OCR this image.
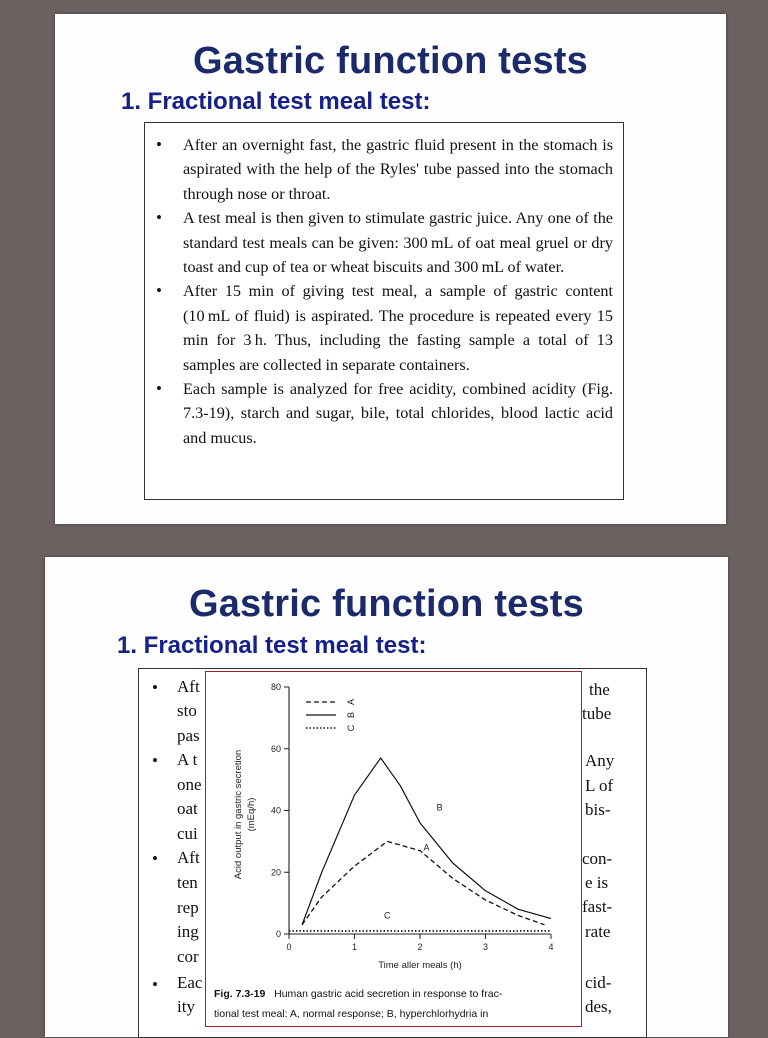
Gastric function tests
1. Fractional test meal test:
• After an overnight fast, the gastric fluid present in the stomach is aspirated with the help of the Ryles' tube passed into the stomach through nose or throat.
• A test meal is then given to stimulate gastric juice. Any one of the standard test meals can be given: 300 mL of oat meal gruel or dry toast and cup of tea or wheat biscuits and 300 mL of water.
• After 15 min of giving test meal, a sample of gastric content (10 mL of fluid) is aspirated. The procedure is repeated every 15 min for 3 h. Thus, including the fasting sample a total of 13 samples are collected in separate containers.
• Each sample is analyzed for free acidity, combined acidity (Fig. 7.3-19), starch and sugar, bile, total chlorides, blood lactic acid and mucus.
Gastric function tests
1. Fractional test meal test:
•
•
•
•
Aft
sto
pas
A t
one
oat
cui
Aft
ten
rep
ing
cor
Eac
ity
the
tube
Any
L of
bis-
con-
e is
fast-
rate
cid-
des,
0
20
40
60
80
0	1	2	3	4
Time aller meals (h)
Acid output in gastric secretion (mEq/h)
A
B
C
A
B
C
Fig. 7.3-19 Human gastric acid secretion in response to frac-
tional test meal: A, normal response; B, hyperchlorhydria in
